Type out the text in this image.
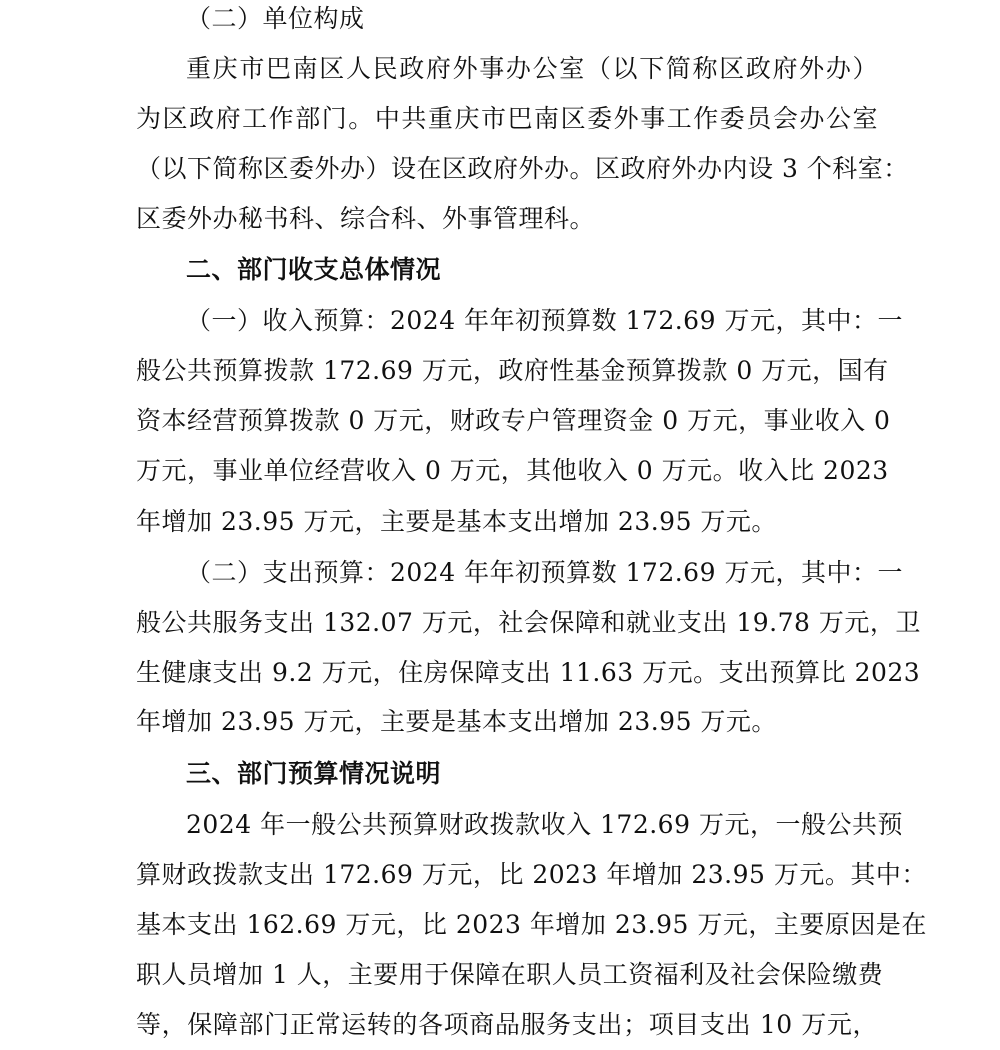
（二）单位构成
重庆市巴南区人民政府外事办公室（以下简称区政府外办）
为区政府工作部门。中共重庆市巴南区委外事工作委员会办公室
（以下简称区委外办）设在区政府外办。区政府外办内设 3 个科室：
区委外办秘书科、综合科、外事管理科。
二、部门收支总体情况
（一）收入预算：2024 年年初预算数 172.69 万元，其中：一
般公共预算拨款 172.69 万元，政府性基金预算拨款 0 万元，国有
资本经营预算拨款 0 万元，财政专户管理资金 0 万元，事业收入 0
万元，事业单位经营收入 0 万元，其他收入 0 万元。收入比 2023
年增加 23.95 万元，主要是基本支出增加 23.95 万元。
（二）支出预算：2024 年年初预算数 172.69 万元，其中：一
般公共服务支出 132.07 万元，社会保障和就业支出 19.78 万元，卫
生健康支出 9.2 万元，住房保障支出 11.63 万元。支出预算比 2023
年增加 23.95 万元，主要是基本支出增加 23.95 万元。
三、部门预算情况说明
2024 年一般公共预算财政拨款收入 172.69 万元，一般公共预
算财政拨款支出 172.69 万元，比 2023 年增加 23.95 万元。其中：
基本支出 162.69 万元，比 2023 年增加 23.95 万元，主要原因是在
职人员增加 1 人，主要用于保障在职人员工资福利及社会保险缴费
等，保障部门正常运转的各项商品服务支出；项目支出 10 万元，
